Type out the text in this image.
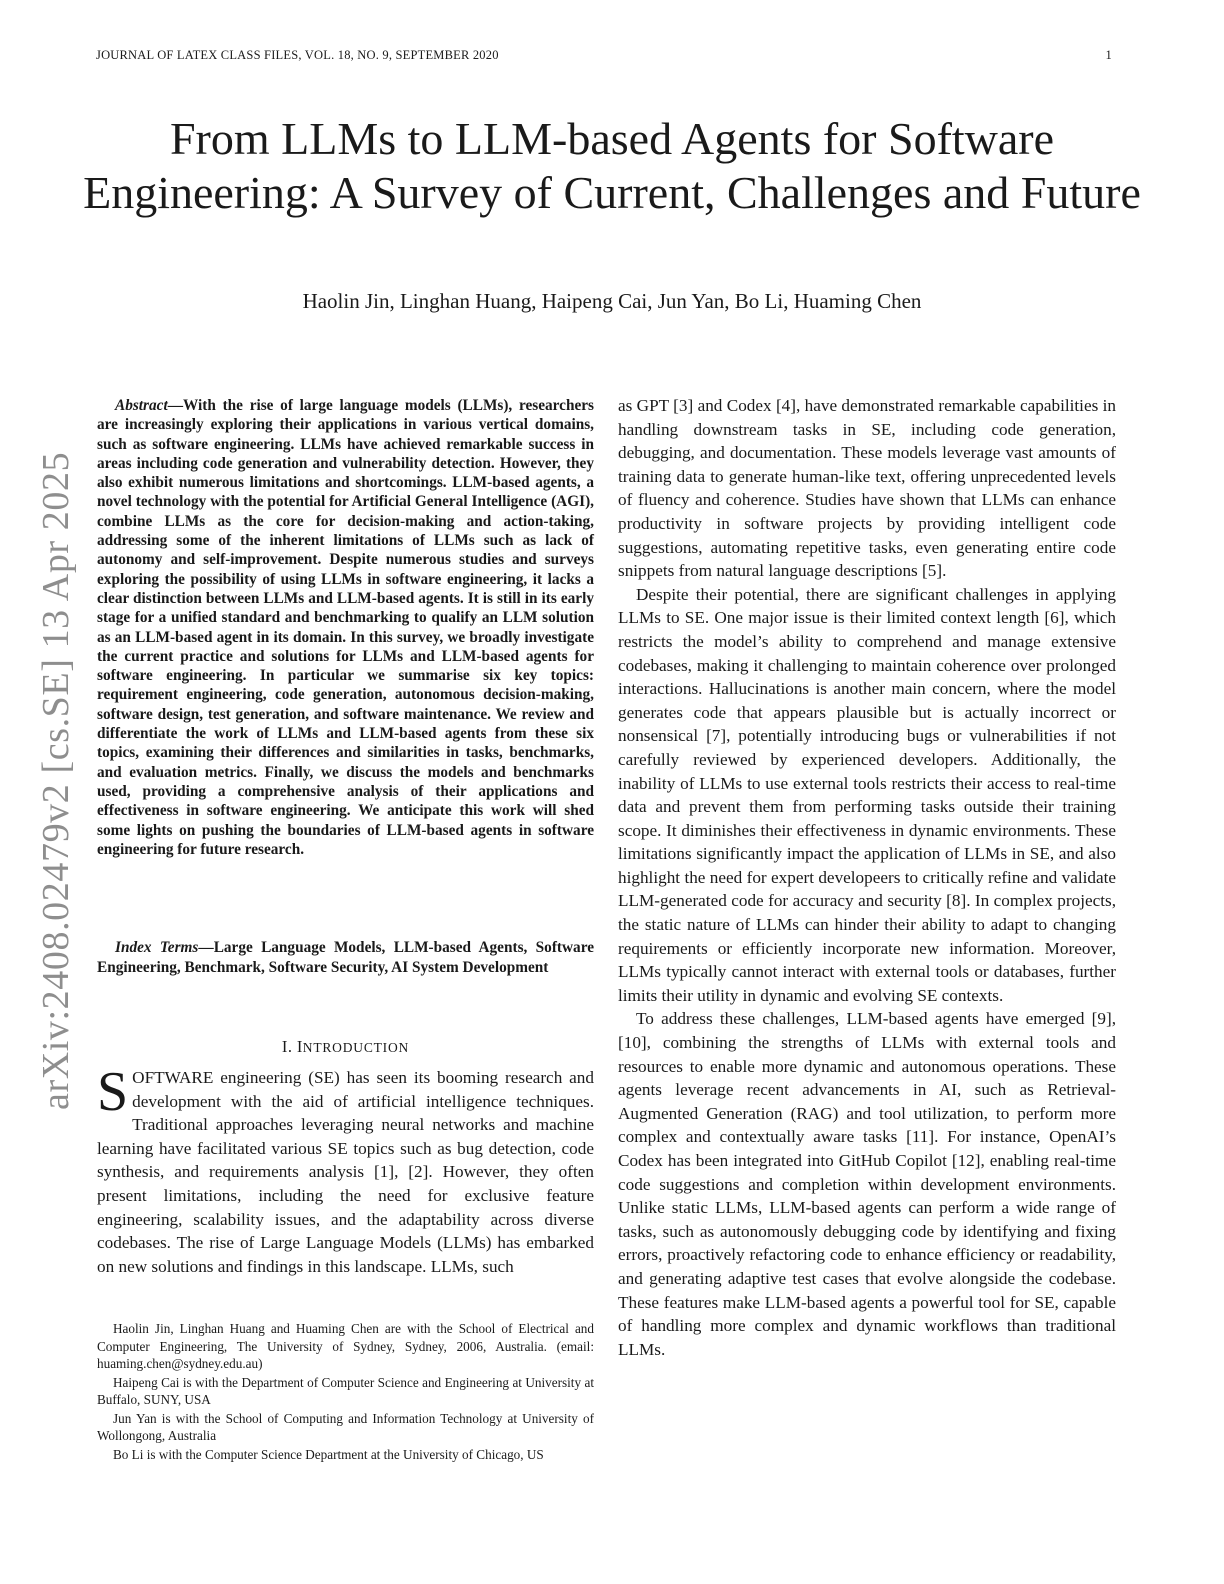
JOURNAL OF LATEX CLASS FILES, VOL. 18, NO. 9, SEPTEMBER 2020	1
From LLMs to LLM-based Agents for Software Engineering: A Survey of Current, Challenges and Future
Haolin Jin, Linghan Huang, Haipeng Cai, Jun Yan, Bo Li, Huaming Chen
arXiv:2408.02479v2 [cs.SE] 13 Apr 2025

Abstract—With the rise of large language models (LLMs), researchers are increasingly exploring their applications in various vertical domains, such as software engineering. LLMs have achieved remarkable success in areas including code generation and vulnerability detection. However, they also exhibit numerous limitations and shortcomings. LLM-based agents, a novel technology with the potential for Artificial General Intelligence (AGI), combine LLMs as the core for decision-making and action-taking, addressing some of the inherent limitations of LLMs such as lack of autonomy and self-improvement. Despite numerous studies and surveys exploring the possibility of using LLMs in software engineering, it lacks a clear distinction between LLMs and LLM-based agents. It is still in its early stage for a unified standard and benchmarking to qualify an LLM solution as an LLM-based agent in its domain. In this survey, we broadly investigate the current practice and solutions for LLMs and LLM-based agents for software engineering. In particular we summarise six key topics: requirement engineering, code generation, autonomous decision-making, software design, test generation, and software maintenance. We review and differentiate the work of LLMs and LLM-based agents from these six topics, examining their differences and similarities in tasks, benchmarks, and evaluation metrics. Finally, we discuss the models and benchmarks used, providing a comprehensive analysis of their applications and effectiveness in software engineering. We anticipate this work will shed some lights on pushing the boundaries of LLM-based agents in software engineering for future research.

Index Terms—Large Language Models, LLM-based Agents, Software Engineering, Benchmark, Software Security, AI System Development

I. INTRODUCTION

SOFTWARE engineering (SE) has seen its booming research and development with the aid of artificial intelligence techniques. Traditional approaches leveraging neural networks and machine learning have facilitated various SE topics such as bug detection, code synthesis, and requirements analysis [1], [2]. However, they often present limitations, including the need for exclusive feature engineering, scalability issues, and the adaptability across diverse codebases. The rise of Large Language Models (LLMs) has embarked on new solutions and findings in this landscape. LLMs, such

Haolin Jin, Linghan Huang and Huaming Chen are with the School of Electrical and Computer Engineering, The University of Sydney, Sydney, 2006, Australia. (email: huaming.chen@sydney.edu.au)

Haipeng Cai is with the Department of Computer Science and Engineering at University at Buffalo, SUNY, USA

Jun Yan is with the School of Computing and Information Technology at University of Wollongong, Australia

Bo Li is with the Computer Science Department at the University of Chicago, US

as GPT [3] and Codex [4], have demonstrated remarkable capabilities in handling downstream tasks in SE, including code generation, debugging, and documentation. These models leverage vast amounts of training data to generate human-like text, offering unprecedented levels of fluency and coherence. Studies have shown that LLMs can enhance productivity in software projects by providing intelligent code suggestions, automating repetitive tasks, even generating entire code snippets from natural language descriptions [5].

Despite their potential, there are significant challenges in applying LLMs to SE. One major issue is their limited context length [6], which restricts the model’s ability to comprehend and manage extensive codebases, making it challenging to maintain coherence over prolonged interactions. Hallucinations is another main concern, where the model generates code that appears plausible but is actually incorrect or nonsensical [7], potentially introducing bugs or vulnerabilities if not carefully reviewed by experienced developers. Additionally, the inability of LLMs to use external tools restricts their access to real-time data and prevent them from performing tasks outside their training scope. It diminishes their effectiveness in dynamic environments. These limitations significantly impact the application of LLMs in SE, and also highlight the need for expert developeers to critically refine and validate LLM-generated code for accuracy and security [8]. In complex projects, the static nature of LLMs can hinder their ability to adapt to changing requirements or efficiently incorporate new information. Moreover, LLMs typically cannot interact with external tools or databases, further limits their utility in dynamic and evolving SE contexts.

To address these challenges, LLM-based agents have emerged [9], [10], combining the strengths of LLMs with external tools and resources to enable more dynamic and autonomous operations. These agents leverage recent advancements in AI, such as Retrieval-Augmented Generation (RAG) and tool utilization, to perform more complex and contextually aware tasks [11]. For instance, OpenAI’s Codex has been integrated into GitHub Copilot [12], enabling real-time code suggestions and completion within development environments. Unlike static LLMs, LLM-based agents can perform a wide range of tasks, such as autonomously debugging code by identifying and fixing errors, proactively refactoring code to enhance efficiency or readability, and generating adaptive test cases that evolve alongside the codebase. These features make LLM-based agents a powerful tool for SE, capable of handling more complex and dynamic workflows than traditional LLMs.
